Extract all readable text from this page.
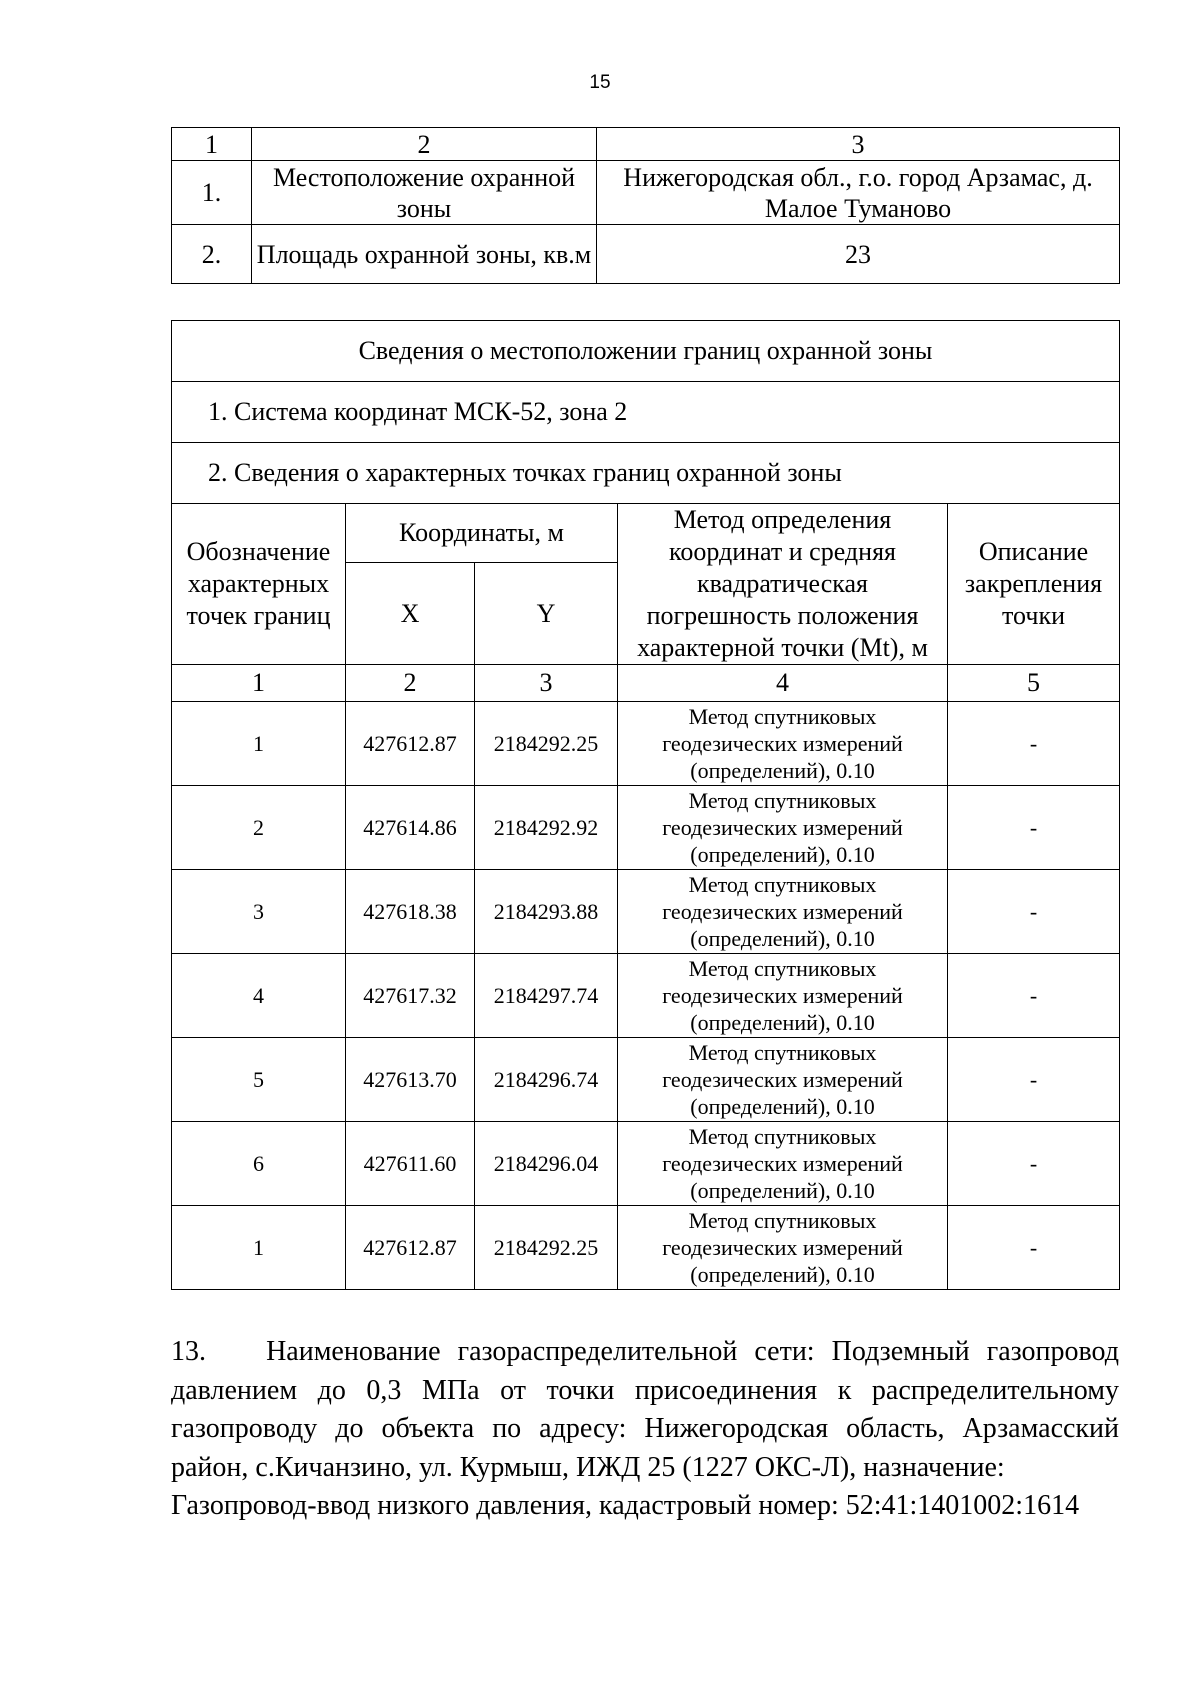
15
1	2	3
1.	Местоположение охранной зоны	Нижегородская обл., г.о. город Арзамас, д. Малое Туманово
2.	Площадь охранной зоны, кв.м	23
Сведения о местоположении границ охранной зоны				
1. Система координат МСК-52, зона 2				
2. Сведения о характерных точках границ охранной зоны				
Обозначение характерных точек границ	Координаты, м		Метод определения координат и средняя квадратическая погрешность положения характерной точки (Mt), м	Описание закрепления точки
	X	Y		
1	2	3	4	5
1	427612.87	2184292.25	Метод спутниковых геодезических измерений (определений), 0.10	-
2	427614.86	2184292.92	Метод спутниковых геодезических измерений (определений), 0.10	-
3	427618.38	2184293.88	Метод спутниковых геодезических измерений (определений), 0.10	-
4	427617.32	2184297.74	Метод спутниковых геодезических измерений (определений), 0.10	-
5	427613.70	2184296.74	Метод спутниковых геодезических измерений (определений), 0.10	-
6	427611.60	2184296.04	Метод спутниковых геодезических измерений (определений), 0.10	-
1	427612.87	2184292.25	Метод спутниковых геодезических измерений (определений), 0.10	-

13. Наименование газораспределительной сети: Подземный газопровод давлением до 0,3 МПа от точки присоединения к распределительному газопроводу до объекта по адресу: Нижегородская область, Арзамасский район, с.Кичанзино, ул. Курмыш, ИЖД 25 (1227 ОКС-Л), назначение:
Газопровод-ввод низкого давления, кадастровый номер: 52:41:1401002:1614
